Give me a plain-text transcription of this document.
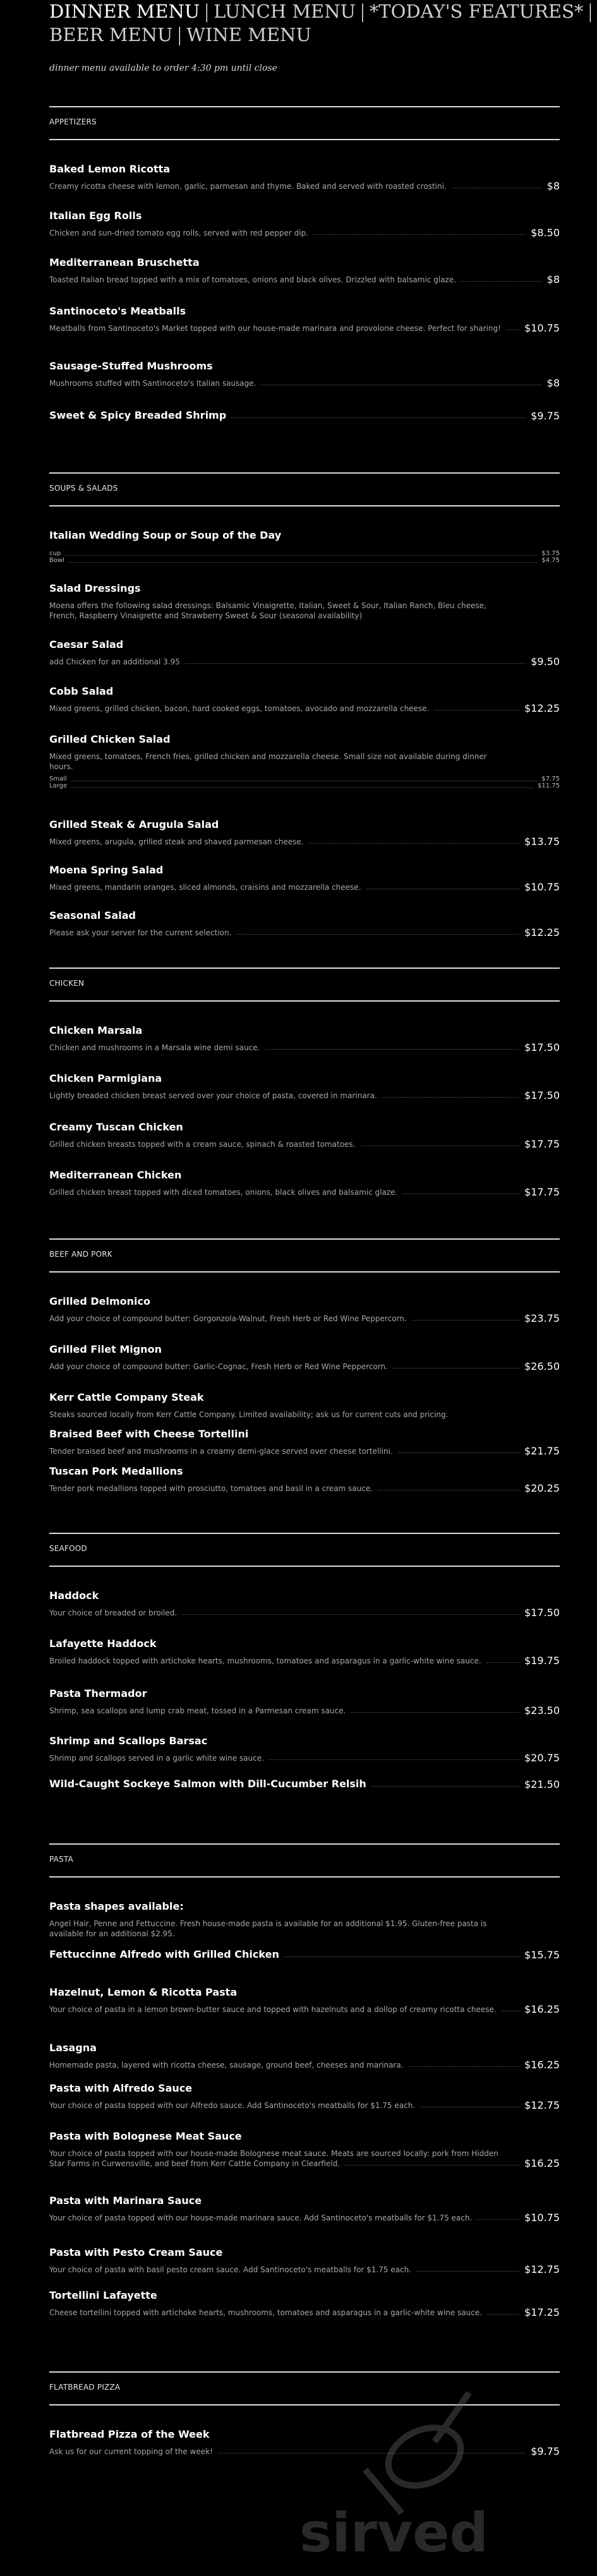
DINNER MENU | LUNCH MENU | *TODAY'S FEATURES* |
BEER MENU | WINE MENU
dinner menu available to order 4:30 pm until close
APPETIZERS
Baked Lemon Ricotta
Creamy ricotta cheese with lemon, garlic, parmesan and thyme. Baked and served with roasted crostini.	$8
Italian Egg Rolls
Chicken and sun-dried tomato egg rolls, served with red pepper dip.	$8.50
Mediterranean Bruschetta
Toasted Italian bread topped with a mix of tomatoes, onions and black olives. Drizzled with balsamic glaze.	$8
Santinoceto's Meatballs
Meatballs from Santinoceto's Market topped with our house-made marinara and provolone cheese. Perfect for sharing!	$10.75
Sausage-Stuffed Mushrooms
Mushrooms stuffed with Santinoceto's Italian sausage.	$8
Sweet & Spicy Breaded Shrimp	$9.75
SOUPS & SALADS
Italian Wedding Soup or Soup of the Day
cup	$3.75
Bowl	$4.75
Salad Dressings
Moena offers the following salad dressings: Balsamic Vinaigrette, Italian, Sweet & Sour, Italian Ranch, Bleu cheese, French, Raspberry Vinaigrette and Strawberry Sweet & Sour (seasonal availability)
Caesar Salad
add Chicken for an additional 3.95	$9.50
Cobb Salad
Mixed greens, grilled chicken, bacon, hard cooked eggs, tomatoes, avocado and mozzarella cheese.	$12.25
Grilled Chicken Salad
Mixed greens, tomatoes, French fries, grilled chicken and mozzarella cheese. Small size not available during dinner hours.
Small	$7.75
Large	$11.75
Grilled Steak & Arugula Salad
Mixed greens, arugula, grilled steak and shaved parmesan cheese.	$13.75
Moena Spring Salad
Mixed greens, mandarin oranges, sliced almonds, craisins and mozzarella cheese.	$10.75
Seasonal Salad
Please ask your server for the current selection.	$12.25
CHICKEN
Chicken Marsala
Chicken and mushrooms in a Marsala wine demi sauce.	$17.50
Chicken Parmigiana
Lightly breaded chicken breast served over your choice of pasta, covered in marinara.	$17.50
Creamy Tuscan Chicken
Grilled chicken breasts topped with a cream sauce, spinach & roasted tomatoes.	$17.75
Mediterranean Chicken
Grilled chicken breast topped with diced tomatoes, onions, black olives and balsamic glaze.	$17.75
BEEF AND PORK
Grilled Delmonico
Add your choice of compound butter: Gorgonzola-Walnut, Fresh Herb or Red Wine Peppercorn.	$23.75
Grilled Filet Mignon
Add your choice of compound butter: Garlic-Cognac, Fresh Herb or Red Wine Peppercorn.	$26.50
Kerr Cattle Company Steak
Steaks sourced locally from Kerr Cattle Company. Limited availability; ask us for current cuts and pricing.
Braised Beef with Cheese Tortellini
Tender braised beef and mushrooms in a creamy demi-glace served over cheese tortellini.	$21.75
Tuscan Pork Medallions
Tender pork medallions topped with prosciutto, tomatoes and basil in a cream sauce.	$20.25
SEAFOOD
Haddock
Your choice of breaded or broiled.	$17.50
Lafayette Haddock
Broiled haddock topped with artichoke hearts, mushrooms, tomatoes and asparagus in a garlic-white wine sauce.	$19.75
Pasta Thermador
Shrimp, sea scallops and lump crab meat, tossed in a Parmesan cream sauce.	$23.50
Shrimp and Scallops Barsac
Shrimp and scallops served in a garlic white wine sauce.	$20.75
Wild-Caught Sockeye Salmon with Dill-Cucumber Relsih	$21.50
PASTA
Pasta shapes available:
Angel Hair, Penne and Fettuccine. Fresh house-made pasta is available for an additional $1.95. Gluten-free pasta is available for an additional $2.95.
Fettuccinne Alfredo with Grilled Chicken	$15.75
Hazelnut, Lemon & Ricotta Pasta
Your choice of pasta in a lemon brown-butter sauce and topped with hazelnuts and a dollop of creamy ricotta cheese.	$16.25
Lasagna
Homemade pasta, layered with ricotta cheese, sausage, ground beef, cheeses and marinara.	$16.25
Pasta with Alfredo Sauce
Your choice of pasta topped with our Alfredo sauce. Add Santinoceto's meatballs for $1.75 each.	$12.75
Pasta with Bolognese Meat Sauce
Your choice of pasta topped with our house-made Bolognese meat sauce. Meats are sourced locally: pork from Hidden Star Farms in Curwensville, and beef from Kerr Cattle Company in Clearfield.	$16.25
Pasta with Marinara Sauce
Your choice of pasta topped with our house-made marinara sauce. Add Santinoceto's meatballs for $1.75 each.	$10.75
Pasta with Pesto Cream Sauce
Your choice of pasta with basil pesto cream sauce. Add Santinoceto's meatballs for $1.75 each.	$12.75
Tortellini Lafayette
Cheese tortellini topped with artichoke hearts, mushrooms, tomatoes and asparagus in a garlic-white wine sauce.	$17.25
FLATBREAD PIZZA
Flatbread Pizza of the Week
Ask us for our current topping of the week!	$9.75
sirved
